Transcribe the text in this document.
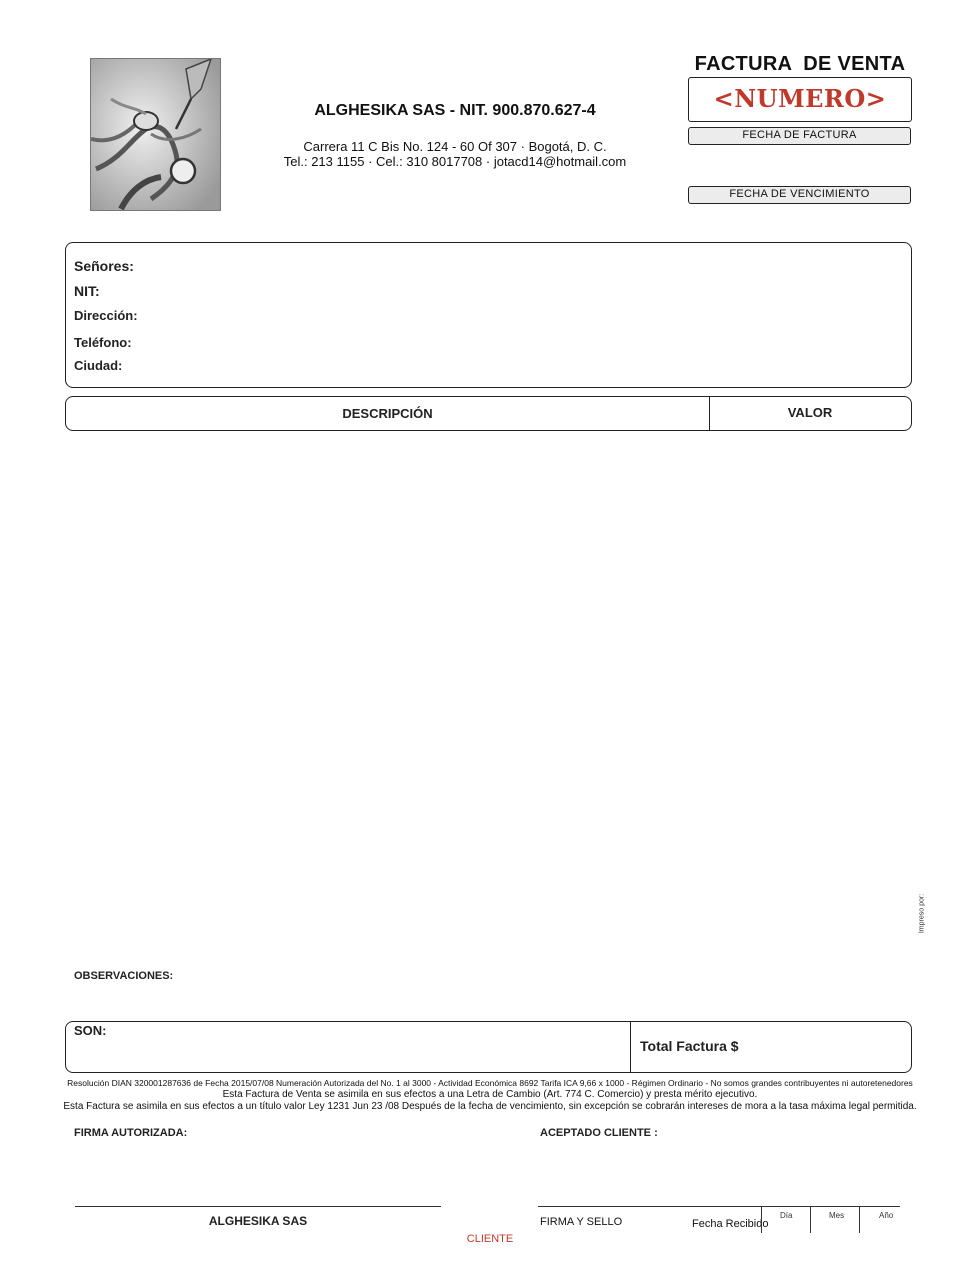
ALGHESIKA SAS - NIT. 900.870.627-4
Carrera 11 C Bis No. 124 - 60 Of 307 · Bogotá, D. C.
Tel.: 213 1155 · Cel.: 310 8017708 · jotacd14@hotmail.com
FACTURA  DE VENTA
<NUMERO>
FECHA DE FACTURA
FECHA DE VENCIMIENTO
Señores:
NIT:
Dirección:
Teléfono:
Ciudad:
DESCRIPCIÓN	VALOR
Impreso por:
OBSERVACIONES:
SON:
Total Factura $
Resolución DIAN 320001287636 de Fecha 2015/07/08 Numeración Autorizada del No. 1 al 3000 - Actividad Económica 8692 Tarifa ICA 9,66 x 1000 - Régimen Ordinario - No somos grandes contribuyentes ni autoretenedores
Esta Factura de Venta se asimila en sus efectos a una Letra de Cambio (Art. 774 C. Comercio) y presta mérito ejecutivo.
Esta Factura se asimila en sus efectos a un título valor Ley 1231 Jun 23 /08 Después de la fecha de vencimiento, sin excepción se cobrarán intereses de mora a la tasa máxima legal permitida.
FIRMA AUTORIZADA:	ACEPTADO CLIENTE :
ALGHESIKA SAS	FIRMA Y SELLO	Fecha Recibido
Día	Mes	Año
CLIENTE
